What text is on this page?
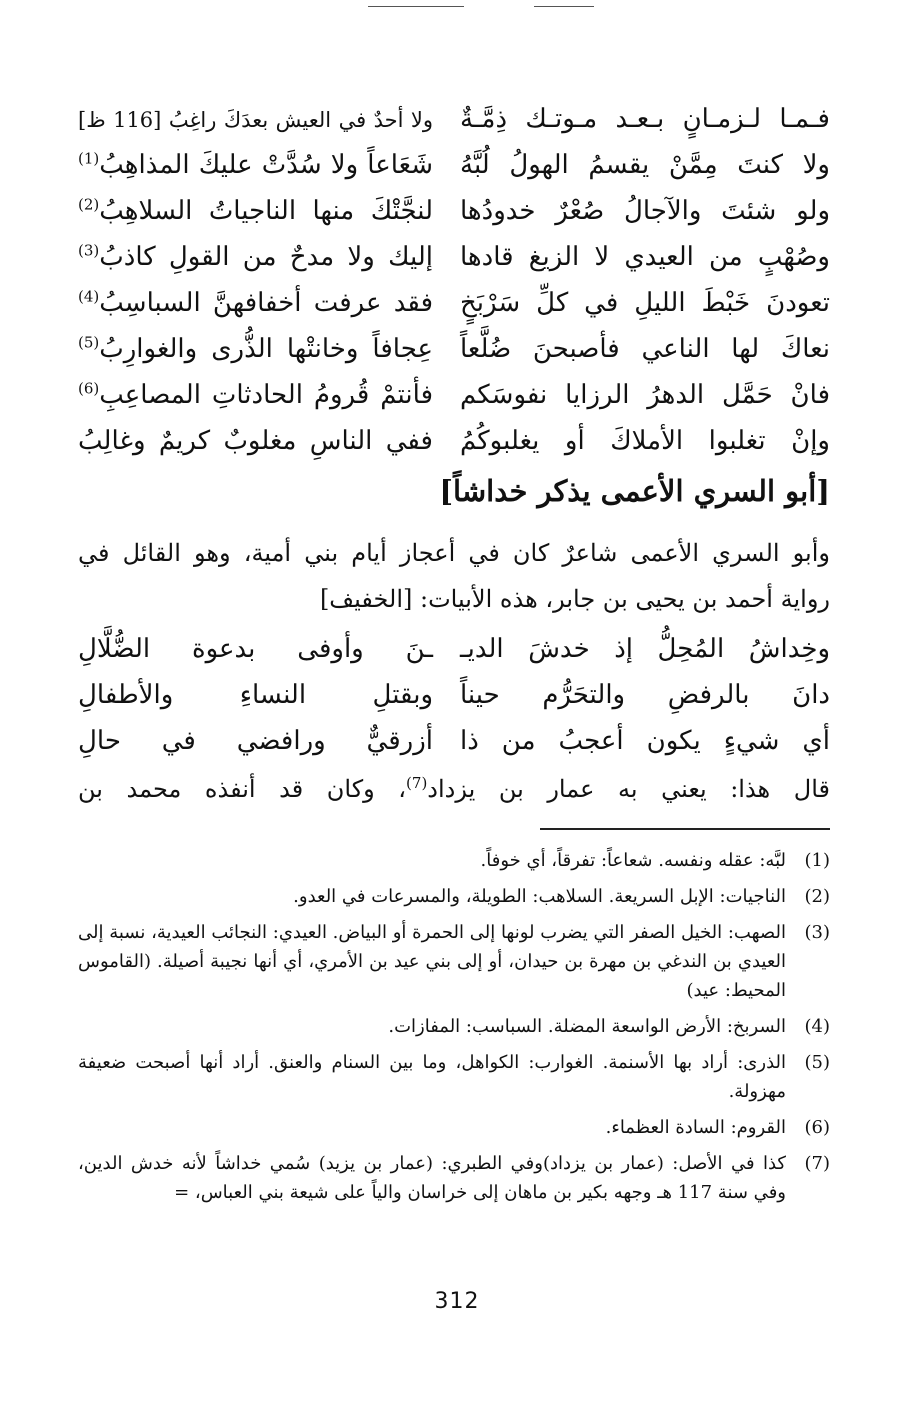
فـمـا لـزمـانٍ بـعـد مـوتـك ذِمَّـةٌ
ولا أحدٌ في العيش بعدَكَ راغِبُ [116 ظ]
ولا كنتَ مِمَّنْ يقسمُ الهولُ لُبَّهُ
شَعَاعاً ولا سُدَّتْ عليكَ المذاهِبُ$^{(1)}$
ولو شئتَ والآجالُ صُعْرٌ خدودُها
لنجَّتْكَ منها الناجياتُ السلاهِبُ$^{(2)}$
وصُهْبٍ من العيدي لا الزيغ قادها
إليك ولا مدحٌ من القولِ كاذبُ$^{(3)}$
تعودنَ خَبْطَ الليلِ في كلِّ سَرْبَخٍ
فقد عرفت أخفافهنَّ السباسِبُ$^{(4)}$
نعاكَ لها الناعي فأصبحنَ ضُلَّعاً
عِجافاً وخانتْها الذُّرى والغوارِبُ$^{(5)}$
فانْ حَمَّل الدهرُ الرزايا نفوسَكم
فأنتمْ قُرومُ الحادثاتِ المصاعِبِ$^{(6)}$
وإنْ تغلبوا الأملاكَ أو يغلبوكُمُ
ففي الناسِ مغلوبٌ كريمٌ وغالِبُ
[أبو السري الأعمى يذكر خداشاً]
وأبو السري الأعمى شاعرٌ كان في أعجاز أيام بني أمية، وهو القائل في
رواية أحمد بن يحيى بن جابر، هذه الأبيات: [الخفيف]
وخِداشُ المُحِلُّ إذ خدشَ الديـ
ـنَ وأوفى بدعوة الضُّلَّالِ
دانَ بالرفضِ والتحَرُّم حيناً
وبقتلِ النساءِ والأطفالِ
أي شيءٍ يكون أعجبُ من ذا
أزرقيٌّ ورافضي في حالِ
قال هذا: يعني به عمار بن يزداد$^{(7)}$، وكان قد أنفذه محمد بن
(1)
لبَّه: عقله ونفسه. شعاعاً: تفرقاً، أي خوفاً.
(2)
الناجيات: الإبل السريعة. السلاهب: الطويلة، والمسرعات في العدو.
(3)
الصهب: الخيل الصفر التي يضرب لونها إلى الحمرة أو البياض. العيدي: النجائب العيدية، نسبة إلى العيدي بن الندغي بن مهرة بن حيدان، أو إلى بني عيد بن الأمري، أي أنها نجيبة أصيلة. (القاموس المحيط: عيد)
(4)
السربخ: الأرض الواسعة المضلة. السباسب: المفازات.
(5)
الذرى: أراد بها الأسنمة. الغوارب: الكواهل، وما بين السنام والعنق. أراد أنها أصبحت ضعيفة مهزولة.
(6)
القروم: السادة العظماء.
(7)
كذا في الأصل: (عمار بن يزداد)وفي الطبري: (عمار بن يزيد) سُمي خداشاً لأنه خدش الدين، وفي سنة 117 هـ وجهه بكير بن ماهان إلى خراسان والياً على شيعة بني العباس، =
312
